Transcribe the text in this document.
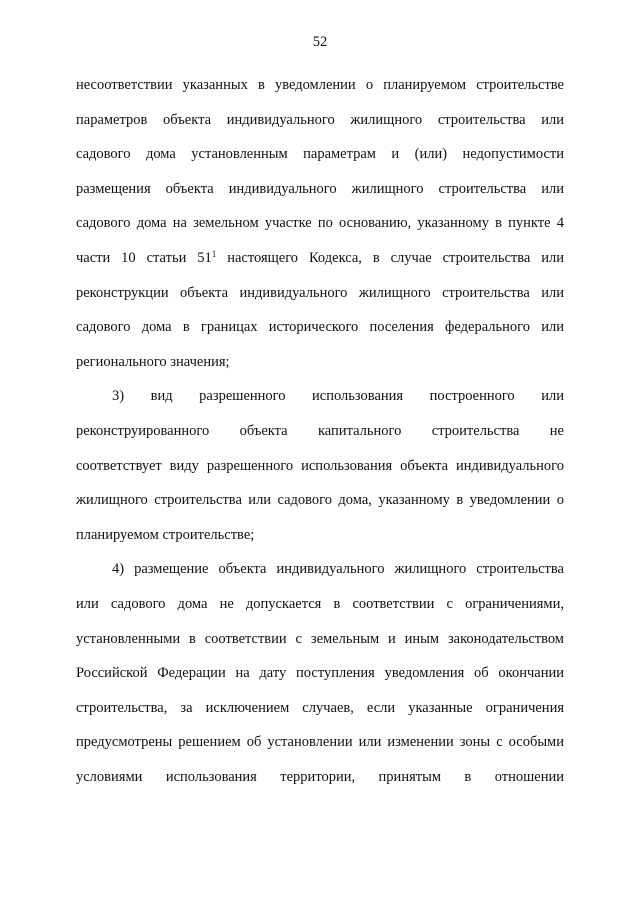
52
несоответствии указанных в уведомлении о планируемом строительстве
параметров объекта индивидуального жилищного строительства или
садового дома установленным параметрам и (или) недопустимости
размещения объекта индивидуального жилищного строительства или
садового дома на земельном участке по основанию, указанному в пункте 4
части 10 статьи $51^1$ настоящего Кодекса, в случае строительства или
реконструкции объекта индивидуального жилищного строительства или
садового дома в границах исторического поселения федерального или
регионального значения;
3) вид разрешенного использования построенного или
реконструированного объекта капитального строительства не
соответствует виду разрешенного использования объекта индивидуального
жилищного строительства или садового дома, указанному в уведомлении о
планируемом строительстве;
4) размещение объекта индивидуального жилищного строительства
или садового дома не допускается в соответствии с ограничениями,
установленными в соответствии с земельным и иным законодательством
Российской Федерации на дату поступления уведомления об окончании
строительства, за исключением случаев, если указанные ограничения
предусмотрены решением об установлении или изменении зоны с особыми
условиями использования территории, принятым в отношении
